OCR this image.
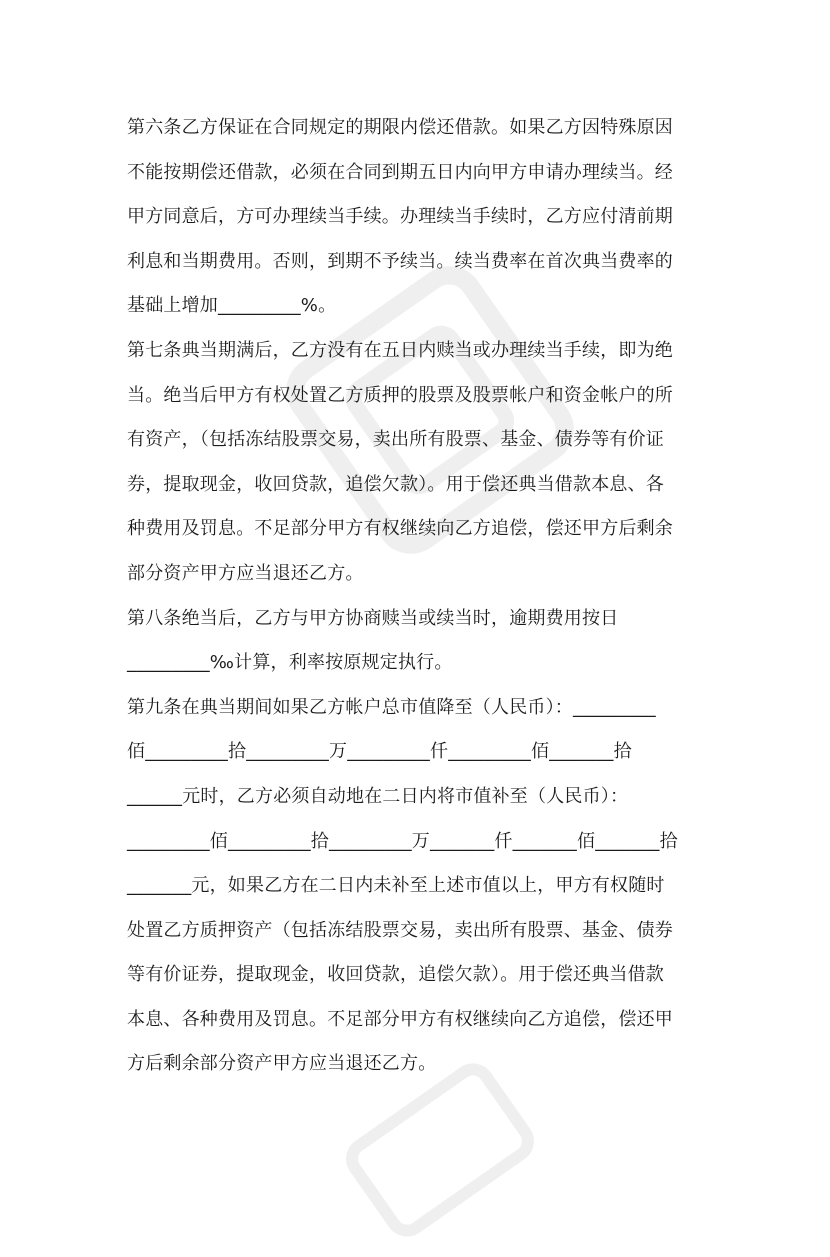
第六条乙方保证在合同规定的期限内偿还借款。如果乙方因特殊原因
不能按期偿还借款，必须在合同到期五日内向甲方申请办理续当。经
甲方同意后，方可办理续当手续。办理续当手续时，乙方应付清前期
利息和当期费用。否则，到期不予续当。续当费率在首次典当费率的
基础上增加_________%。
第七条典当期满后，乙方没有在五日内赎当或办理续当手续，即为绝
当。绝当后甲方有权处置乙方质押的股票及股票帐户和资金帐户的所
有资产，（包括冻结股票交易，卖出所有股票、基金、债券等有价证
券，提取现金，收回贷款，追偿欠款）。用于偿还典当借款本息、各
种费用及罚息。不足部分甲方有权继续向乙方追偿，偿还甲方后剩余
部分资产甲方应当退还乙方。
第八条绝当后，乙方与甲方协商赎当或续当时，逾期费用按日
_________‰计算，利率按原规定执行。
第九条在典当期间如果乙方帐户总市值降至（人民币）：_________
佰_________拾_________万_________仟_________佰_______拾
______元时，乙方必须自动地在二日内将市值补至（人民币）：
_________佰_________拾_________万_______仟_______佰_______拾
_______元，如果乙方在二日内未补至上述市值以上，甲方有权随时
处置乙方质押资产（包括冻结股票交易，卖出所有股票、基金、债券
等有价证券，提取现金，收回贷款，追偿欠款）。用于偿还典当借款
本息、各种费用及罚息。不足部分甲方有权继续向乙方追偿，偿还甲
方后剩余部分资产甲方应当退还乙方。
